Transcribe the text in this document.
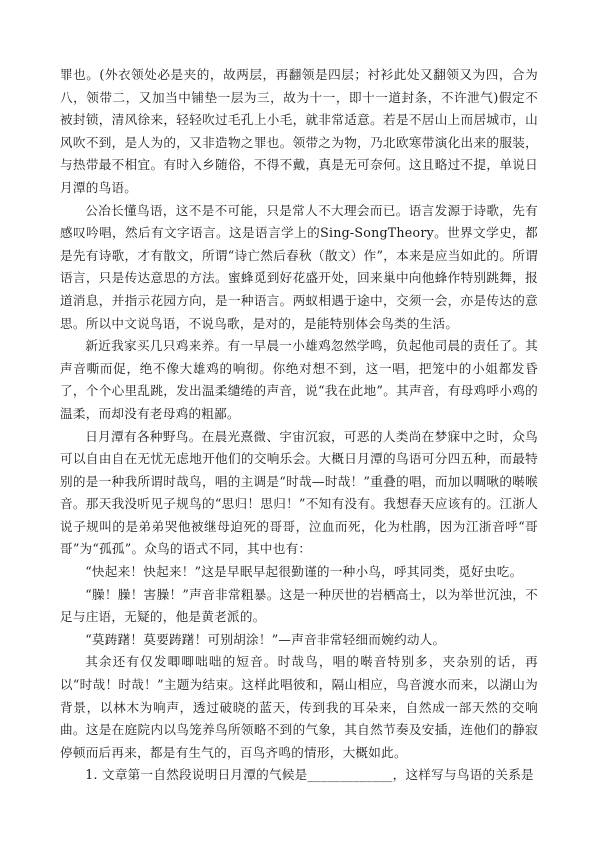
罪也。(外衣领处必是夹的，故两层，再翻领是四层；衬衫此处又翻领又为四，合为八，领带二，又加当中铺垫一层为三，故为十一，即十一道封条，不许泄气)假定不被封锁，清风徐来，轻轻吹过毛孔上小毛，就非常适意。若是不居山上而居城市，山风吹不到，是人为的，又非造物之罪也。领带之为物，乃北欧寒带演化出来的服装，与热带最不相宜。有时入乡随俗，不得不戴，真是无可奈何。这且略过不提，单说日月潭的鸟语。

公冶长懂鸟语，这不是不可能，只是常人不大理会而已。语言发源于诗歌，先有感叹吟唱，然后有文字语言。这是语言学上的Sing-SongTheory。世界文学史，都是先有诗歌，才有散文，所谓“诗亡然后春秋（散文）作”，本来是应当如此的。所谓语言，只是传达意思的方法。蜜蜂觅到好花盛开处，回来巢中向他蜂作特别跳舞，报道消息，并指示花园方向，是一种语言。两蚁相遇于途中，交须一会，亦是传达的意思。所以中文说鸟语，不说鸟歌，是对的，是能特别体会鸟类的生活。

新近我家买几只鸡来养。有一早晨一小雄鸡忽然学鸣，负起他司晨的责任了。其声音嘶而促，绝不像大雄鸡的响彻。你绝对想不到，这一唱，把笼中的小姐都发昏了，个个心里乱跳，发出温柔缱绻的声音，说“我在此地”。其声音，有母鸡呼小鸡的温柔，而却没有老母鸡的粗鄙。

日月潭有各种野鸟。在晨光熹微、宇宙沉寂，可恶的人类尚在梦寐中之时，众鸟可以自由自在无忧无虑地开他们的交响乐会。大概日月潭的鸟语可分四五种，而最特别的是一种我所谓时哉鸟，唱的主调是“时哉—时哉！”重叠的唱，而加以啁啾的啭喉音。那天我没听见子规鸟的“思归！思归！”不知有没有。我想春天应该有的。江浙人说子规叫的是弟弟哭他被继母迫死的哥哥，泣血而死，化为杜鹃，因为江浙音呼“哥哥”为“孤孤”。众鸟的语式不同，其中也有：

“快起来！快起来！”这是早眠早起很勤谨的一种小鸟，呼其同类，觅好虫吃。

“臊！臊！害臊！”声音非常粗暴。这是一种厌世的岩栖高士，以为举世沉浊，不足与庄语，无疑的，他是黄老派的。

“莫踌躇！莫要踌躇！可别胡涂！”—声音非常轻细而婉约动人。

其余还有仅发唧唧咄咄的短音。时哉鸟，唱的啭音特别多，夹杂别的话，再以“时哉！时哉！”主题为结束。这样此唱彼和，隔山相应，鸟音渡水而来，以湖山为背景，以林木为响声，透过破晓的蓝天，传到我的耳朵来，自然成一部天然的交响曲。这是在庭院内以鸟笼养鸟所领略不到的气象，其自然节奏及安插，连他们的静寂停顿而后再来，都是有生气的，百鸟齐鸣的情形，大概如此。

1. 文章第一自然段说明日月潭的气候是_____________，这样写与鸟语的关系是
